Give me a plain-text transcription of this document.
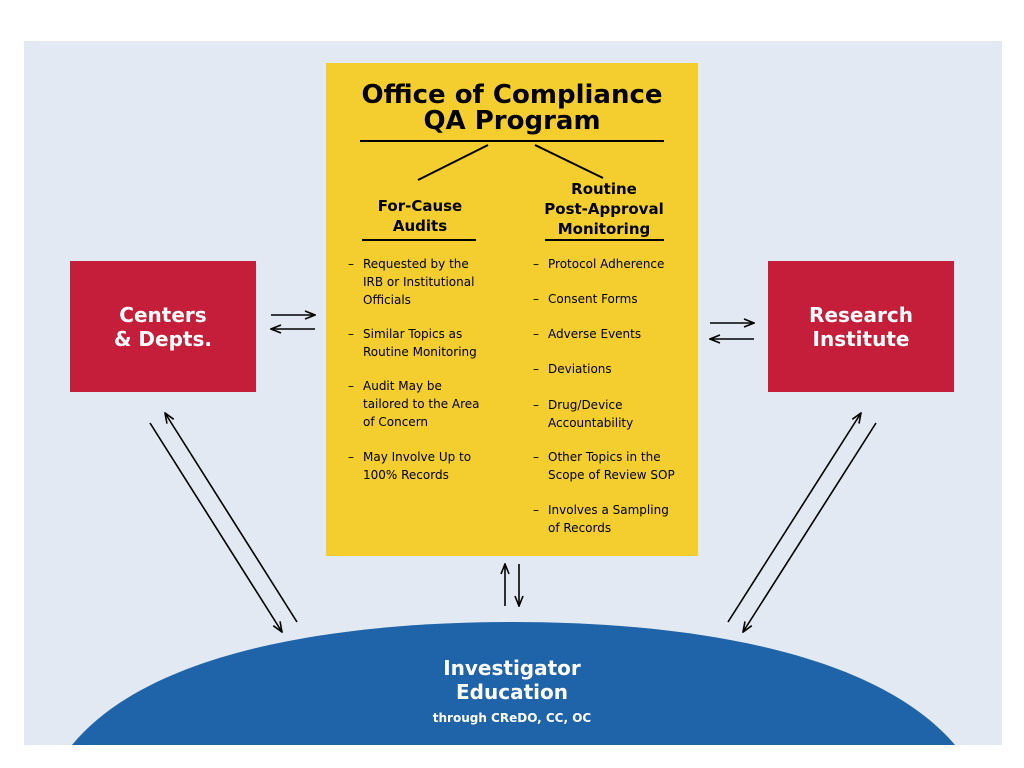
Office of Compliance
QA Program
For-Cause
Audits
Routine
Post-Approval
Monitoring
– Requested by the
IRB or Institutional
Officials
– Similar Topics as
Routine Monitoring
– Audit May be
tailored to the Area
of Concern
– May Involve Up to
100% Records
– Protocol Adherence
– Consent Forms
– Adverse Events
– Deviations
– Drug/Device
Accountability
– Other Topics in the
Scope of Review SOP
– Involves a Sampling
of Records
Centers
& Depts.
Research
Institute
Investigator
Education
through CReDO, CC, OC
